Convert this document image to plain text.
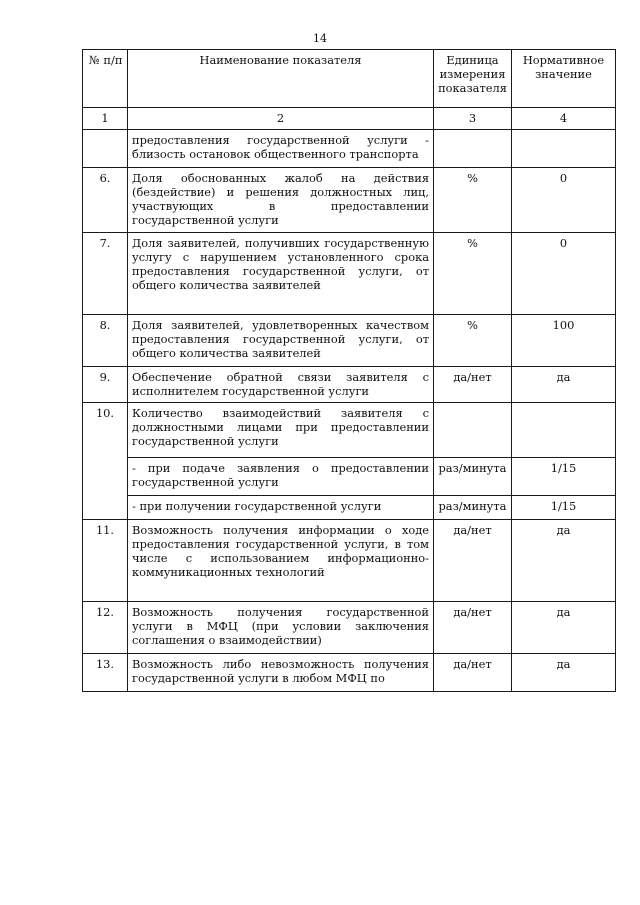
14
№ п/п	Наименование показателя	Единица измерения показателя	Нормативное значение
1	2	3	4
	предоставления государственной услуги - близость остановок общественного транспорта		
6.	Доля обоснованных жалоб на действия (бездействие) и решения должностных лиц, участвующих в предоставлении государственной услуги	%	0
7.	Доля заявителей, получивших государственную услугу с нарушением установленного срока предоставления государственной услуги, от общего количества заявителей	%	0
8.	Доля заявителей, удовлетворенных качеством предоставления государственной услуги, от общего количества заявителей	%	100
9.	Обеспечение обратной связи заявителя с исполнителем государственной услуги	да/нет	да
10.	Количество взаимодействий заявителя с должностными лицами при предоставлении государственной услуги		
	- при подаче заявления о предоставлении государственной услуги	раз/минута	1/15
	- при получении государственной услуги	раз/минута	1/15
11.	Возможность получения информации о ходе предоставления государственной услуги, в том числе с использованием информационно-коммуникационных технологий	да/нет	да
12.	Возможность получения государственной услуги в МФЦ (при условии заключения соглашения о взаимодействии)	да/нет	да
13.	Возможность либо невозможность получения государственной услуги в любом МФЦ по	да/нет	да
